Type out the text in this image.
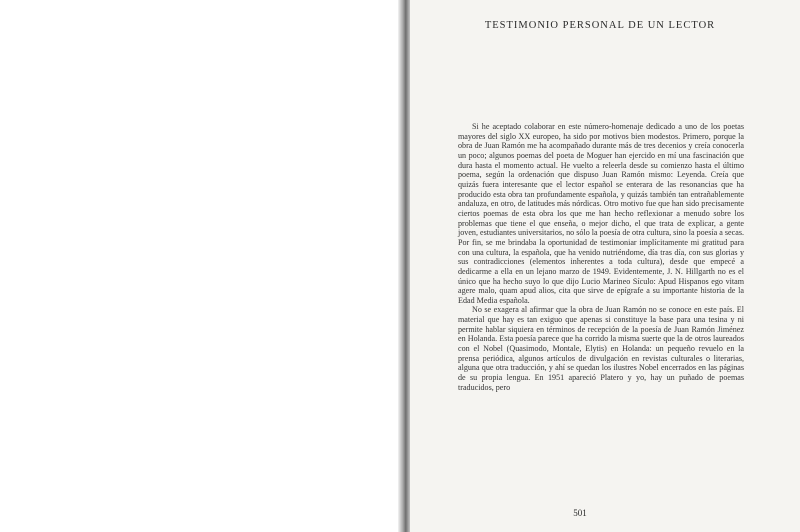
TESTIMONIO PERSONAL DE UN LECTOR

Si he aceptado colaborar en este número-homenaje dedicado a uno de los poetas mayores del siglo XX europeo, ha sido por motivos bien modestos. Primero, porque la obra de Juan Ramón me ha acompañado durante más de tres decenios y creía conocerla un poco; algunos poemas del poeta de Moguer han ejercido en mí una fascinación que dura hasta el momento actual. He vuelto a releerla desde su comienzo hasta el último poema, según la ordenación que dispuso Juan Ramón mismo: Leyenda. Creía que quizás fuera interesante que el lector español se enterara de las resonancias que ha producido esta obra tan profundamente española, y quizás también tan entrañablemente andaluza, en otro, de latitudes más nórdicas. Otro motivo fue que han sido precisamente ciertos poemas de esta obra los que me han hecho reflexionar a menudo sobre los problemas que tiene el que enseña, o mejor dicho, el que trata de explicar, a gente joven, estudiantes universitarios, no sólo la poesía de otra cultura, sino la poesía a secas. Por fin, se me brindaba la oportunidad de testimoniar implícitamente mi gratitud para con una cultura, la española, que ha venido nutriéndome, día tras día, con sus glorias y sus contradicciones (elementos inherentes a toda cultura), desde que empecé a dedicarme a ella en un lejano marzo de 1949. Evidentemente, J. N. Hillgarth no es el único que ha hecho suyo lo que dijo Lucio Marineo Sículo: Apud Hispanos ego vitam agere malo, quam apud alios, cita que sirve de epígrafe a su importante historia de la Edad Media española.

No se exagera al afirmar que la obra de Juan Ramón no se conoce en este país. El material que hay es tan exiguo que apenas si constituye la base para una tesina y ni permite hablar siquiera en términos de recepción de la poesía de Juan Ramón Jiménez en Holanda. Esta poesía parece que ha corrido la misma suerte que la de otros laureados con el Nobel (Quasimodo, Montale, Elytis) en Holanda: un pequeño revuelo en la prensa periódica, algunos artículos de divulgación en revistas culturales o literarias, alguna que otra traducción, y ahí se quedan los ilustres Nobel encerrados en las páginas de su propia lengua. En 1951 apareció Platero y yo, hay un puñado de poemas traducidos, pero

501
